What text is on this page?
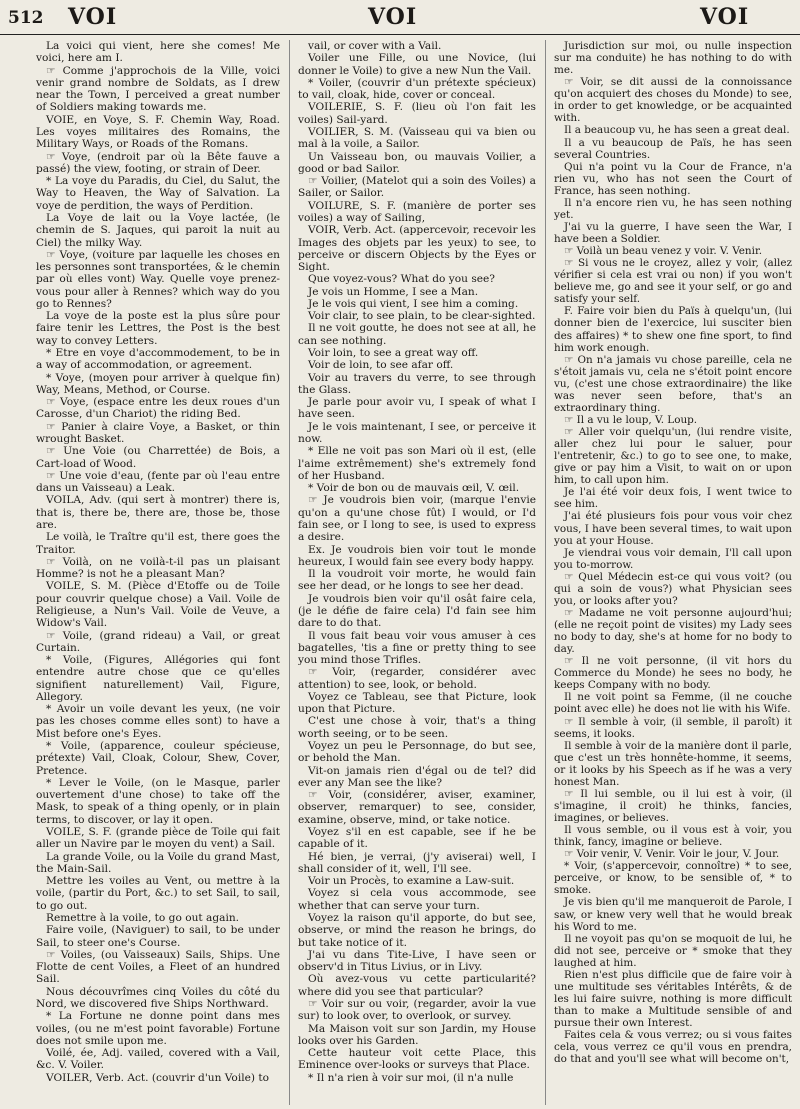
512 VOI	VOI	VOI

La voici qui vient, here she comes! Me voici, here am I.

☞ Comme j'approchois de la Ville, voici venir grand nombre de Soldats, as I drew near the Town, I perceived a great number of Soldiers making towards me.

VOIE, en Voye, S. F. Chemin Way, Road. Les voyes militaires des Romains, the Military Ways, or Roads of the Romans.

☞ Voye, (endroit par où la Bête fauve a passé) the view, footing, or strain of Deer.

* La voye du Paradis, du Ciel, du Salut, the Way to Heaven, the Way of Salvation. La voye de perdition, the ways of Perdition.

La Voye de lait ou la Voye lactée, (le chemin de S. Jaques, qui paroit la nuit au Ciel) the milky Way.

☞ Voye, (voiture par laquelle les choses en les personnes sont transportées, & le chemin par où elles vont) Way. Quelle voye prenez-vous pour aller à Rennes? which way do you go to Rennes?

La voye de la poste est la plus sûre pour faire tenir les Lettres, the Post is the best way to convey Letters.

* Etre en voye d'accommodement, to be in a way of accommodation, or agreement.

* Voye, (moyen pour arriver à quelque fin) Way, Means, Method, or Course.

☞ Voye, (espace entre les deux roues d'un Carosse, d'un Chariot) the riding Bed.

☞ Panier à claire Voye, a Basket, or thin wrought Basket.

☞ Une Voie (ou Charrettée) de Bois, a Cart-load of Wood.

☞ Une voie d'eau, (fente par où l'eau entre dans un Vaisseau) a Leak.

VOILA, Adv. (qui sert à montrer) there is, that is, there be, there are, those be, those are.

Le voilà, le Traître qu'il est, there goes the Traitor.

☞ Voilà, on ne voilà-t-il pas un plaisant Homme? is not he a pleasant Man?

VOILE, S. M. (Pièce d'Etoffe ou de Toile pour couvrir quelque chose) a Vail. Voile de Religieuse, a Nun's Vail. Voile de Veuve, a Widow's Vail.

☞ Voile, (grand rideau) a Vail, or great Curtain.

* Voile, (Figures, Allégories qui font entendre autre chose que ce qu'elles signifient naturellement) Vail, Figure, Allegory.

* Avoir un voile devant les yeux, (ne voir pas les choses comme elles sont) to have a Mist before one's Eyes.

* Voile, (apparence, couleur spécieuse, prétexte) Vail, Cloak, Colour, Shew, Cover, Pretence.

* Lever le Voile, (on le Masque, parler ouvertement d'une chose) to take off the Mask, to speak of a thing openly, or in plain terms, to discover, or lay it open.

VOILE, S. F. (grande pièce de Toile qui fait aller un Navire par le moyen du vent) a Sail.

La grande Voile, ou la Voile du grand Mast, the Main-Sail.

Mettre les voiles au Vent, ou mettre à la voile, (partir du Port, &c.) to set Sail, to sail, to go out.

Remettre à la voile, to go out again.

Faire voile, (Naviguer) to sail, to be under Sail, to steer one's Course.

☞ Voiles, (ou Vaisseaux) Sails, Ships. Une Flotte de cent Voiles, a Fleet of an hundred Sail.

Nous découvrîmes cinq Voiles du côté du Nord, we discovered five Ships Northward.

* La Fortune ne donne point dans mes voiles, (ou ne m'est point favorable) Fortune does not smile upon me.

Voilé, ée, Adj. vailed, covered with a Vail, &c. V. Voiler.

VOILER, Verb. Act. (couvrir d'un Voile) to

vail, or cover with a Vail.

Voiler une Fille, ou une Novice, (lui donner le Voile) to give a new Nun the Vail.

* Voiler, (couvrir d'un prétexte spécieux) to vail, cloak, hide, cover or conceal.

VOILERIE, S. F. (lieu où l'on fait les voiles) Sail-yard.

VOILIER, S. M. (Vaisseau qui va bien ou mal à la voile, a Sailor.

Un Vaisseau bon, ou mauvais Voilier, a good or bad Sailor.

☞ Voilier, (Matelot qui a soin des Voiles) a Sailer, or Sailor.

VOILURE, S. F. (manière de porter ses voiles) a way of Sailing,

VOIR, Verb. Act. (appercevoir, recevoir les Images des objets par les yeux) to see, to perceive or discern Objects by the Eyes or Sight.

Que voyez-vous? What do you see?

Je vois un Homme, I see a Man.

Je le vois qui vient, I see him a coming.

Voir clair, to see plain, to be clear-sighted.

Il ne voit goutte, he does not see at all, he can see nothing.

Voir loin, to see a great way off.

Voir de loin, to see afar off.

Voir au travers du verre, to see through the Glass.

Je parle pour avoir vu, I speak of what I have seen.

Je le vois maintenant, I see, or perceive it now.

* Elle ne voit pas son Mari où il est, (elle l'aime extrêmement) she's extremely fond of her Husband.

* Voir de bon ou de mauvais œil, V. œil.

☞ Je voudrois bien voir, (marque l'envie qu'on a qu'une chose fût) I would, or I'd fain see, or I long to see, is used to express a desire.

Ex. Je voudrois bien voir tout le monde heureux, I would fain see every body happy.

Il la voudroit voir morte, he would fain see her dead, or he longs to see her dead.

Je voudrois bien voir qu'il osât faire cela, (je le défie de faire cela) I'd fain see him dare to do that.

Il vous fait beau voir vous amuser à ces bagatelles, 'tis a fine or pretty thing to see you mind those Trifles.

☞ Voir, (regarder, considérer avec attention) to see, look, or behold.

Voyez ce Tableau, see that Picture, look upon that Picture.

C'est une chose à voir, that's a thing worth seeing, or to be seen.

Voyez un peu le Personnage, do but see, or behold the Man.

Vit-on jamais rien d'égal ou de tel? did ever any Man see the like?

☞ Voir, (considérer, aviser, examiner, observer, remarquer) to see, consider, examine, observe, mind, or take notice.

Voyez s'il en est capable, see if he be capable of it.

Hé bien, je verrai, (j'y aviserai) well, I shall consider of it, well, I'll see.

Voir un Procès, to examine a Law-suit.

Voyez si cela vous accommode, see whether that can serve your turn.

Voyez la raison qu'il apporte, do but see, observe, or mind the reason he brings, do but take notice of it.

J'ai vu dans Tite-Live, I have seen or observ'd in Titus Livius, or in Livy.

Où avez-vous vu cette particularité? where did you see that particular?

☞ Voir sur ou voir, (regarder, avoir la vue sur) to look over, to overlook, or survey.

Ma Maison voit sur son Jardin, my House looks over his Garden.

Cette hauteur voit cette Place, this Eminence over-looks or surveys that Place.

* Il n'a rien à voir sur moi, (il n'a nulle

Jurisdiction sur moi, ou nulle inspection sur ma conduite) he has nothing to do with me.

☞ Voir, se dit aussi de la connoissance qu'on acquiert des choses du Monde) to see, in order to get knowledge, or be acquainted with.

Il a beaucoup vu, he has seen a great deal.

Il a vu beaucoup de Païs, he has seen several Countries.

Qui n'a point vu la Cour de France, n'a rien vu, who has not seen the Court of France, has seen nothing.

Il n'a encore rien vu, he has seen nothing yet.

J'ai vu la guerre, I have seen the War, I have been a Soldier.

☞ Voilà un beau venez y voir. V. Venir.

☞ Si vous ne le croyez, allez y voir, (allez vérifier si cela est vrai ou non) if you won't believe me, go and see it your self, or go and satisfy your self.

F. Faire voir bien du Païs à quelqu'un, (lui donner bien de l'exercice, lui susciter bien des affaires) * to shew one fine sport, to find him work enough.

☞ On n'a jamais vu chose pareille, cela ne s'étoit jamais vu, cela ne s'étoit point encore vu, (c'est une chose extraordinaire) the like was never seen before, that's an extraordinary thing.

☞ Il a vu le loup, V. Loup.

☞ Aller voir quelqu'un, (lui rendre visite, aller chez lui pour le saluer, pour l'entretenir, &c.) to go to see one, to make, give or pay him a Visit, to wait on or upon him, to call upon him.

Je l'ai été voir deux fois, I went twice to see him.

J'ai été plusieurs fois pour vous voir chez vous, I have been several times, to wait upon you at your House.

Je viendrai vous voir demain, I'll call upon you to-morrow.

☞ Quel Médecin est-ce qui vous voit? (ou qui a soin de vous?) what Physician sees you, or looks after you?

☞ Madame ne voit personne aujourd'hui; (elle ne reçoit point de visites) my Lady sees no body to day, she's at home for no body to day.

☞ Il ne voit personne, (il vit hors du Commerce du Monde) he sees no body, he keeps Company with no body.

Il ne voit point sa Femme, (il ne couche point avec elle) he does not lie with his Wife.

☞ Il semble à voir, (il semble, il paroît) it seems, it looks.

Il semble à voir de la manière dont il parle, que c'est un très honnête-homme, it seems, or it looks by his Speech as if he was a very honest Man.

☞ Il lui semble, ou il lui est à voir, (il s'imagine, il croit) he thinks, fancies, imagines, or believes.

Il vous semble, ou il vous est à voir, you think, fancy, imagine or believe.

☞ Voir venir, V. Venir. Voir le jour, V. Jour.

* Voir, (s'appercevoir, connoître) * to see, perceive, or know, to be sensible of, * to smoke.

Je vis bien qu'il me manqueroit de Parole, I saw, or knew very well that he would break his Word to me.

Il ne voyoit pas qu'on se moquoit de lui, he did not see, perceive or * smoke that they laughed at him.

Rien n'est plus difficile que de faire voir à une multitude ses véritables Intérêts, & de les lui faire suivre, nothing is more difficult than to make a Multitude sensible of and pursue their own Interest.

Faites cela & vous verrez; ou si vous faites cela, vous verrez ce qu'il vous en prendra, do that and you'll see what will become on't,
